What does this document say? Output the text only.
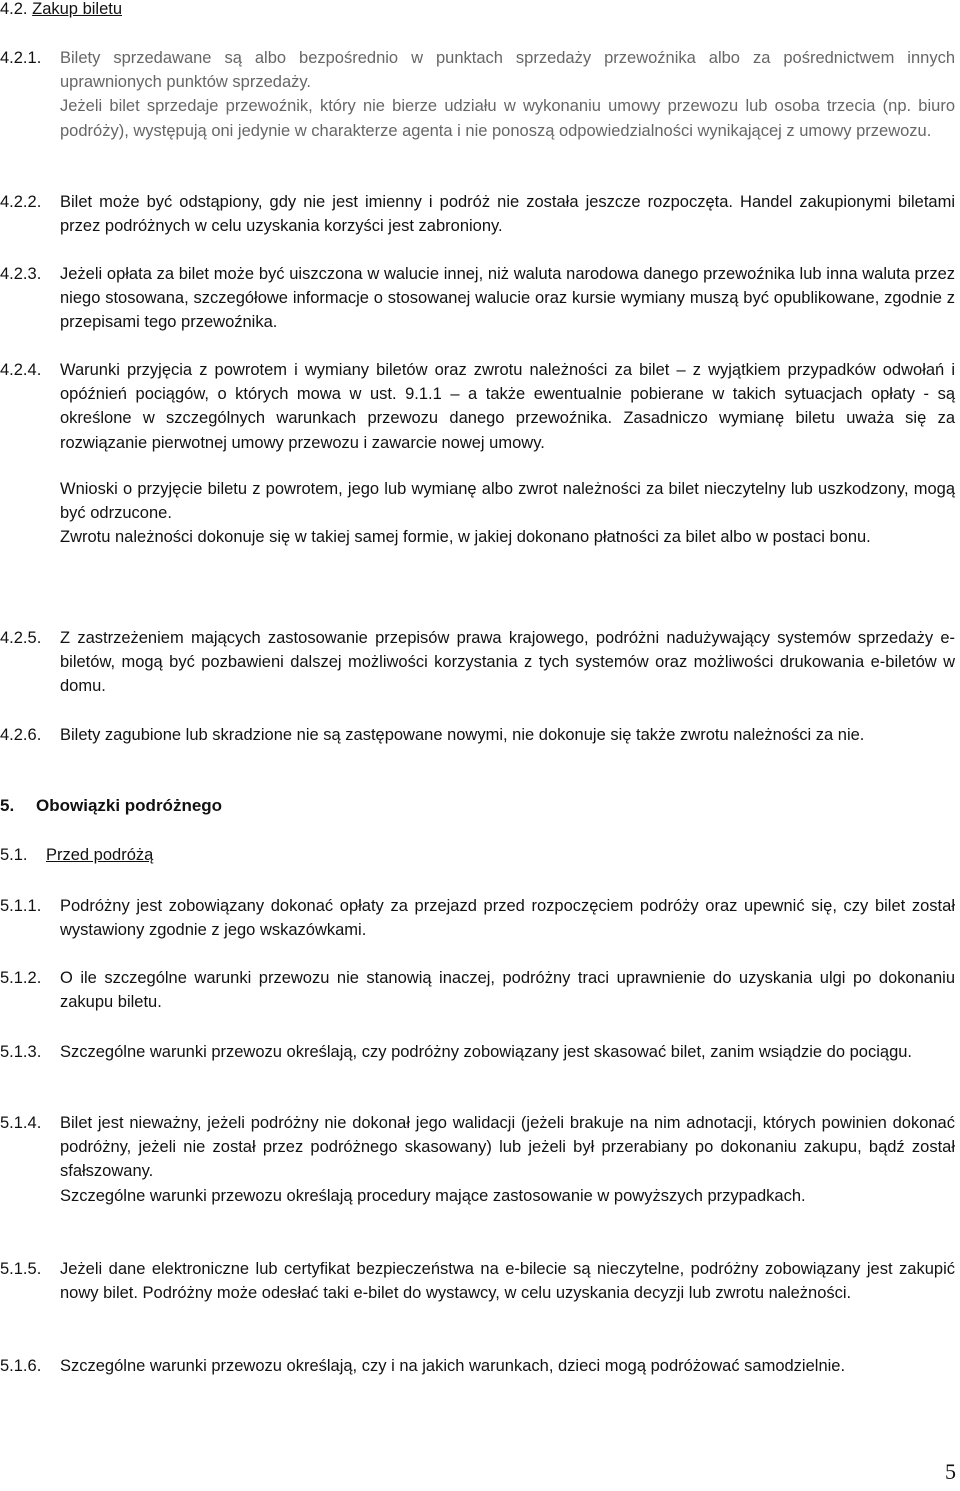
4.2. Zakup biletu
4.2.1. Bilety sprzedawane są albo bezpośrednio w punktach sprzedaży przewoźnika albo za pośrednictwem innych uprawnionych punktów sprzedaży.

Jeżeli bilet sprzedaje przewoźnik, który nie bierze udziału w wykonaniu umowy przewozu lub osoba trzecia (np. biuro podróży), występują oni jedynie w charakterze agenta i nie ponoszą odpowiedzialności wynikającej z umowy przewozu.

4.2.2. Bilet może być odstąpiony, gdy nie jest imienny i podróż nie została jeszcze rozpoczęta. Handel zakupionymi biletami przez podróżnych w celu uzyskania korzyści jest zabroniony.

4.2.3. Jeżeli opłata za bilet może być uiszczona w walucie innej, niż waluta narodowa danego przewoźnika lub inna waluta przez niego stosowana, szczegółowe informacje o stosowanej walucie oraz kursie wymiany muszą być opublikowane, zgodnie z przepisami tego przewoźnika.

4.2.4. Warunki przyjęcia z powrotem i wymiany biletów oraz zwrotu należności za bilet – z wyjątkiem przypadków odwołań i opóźnień pociągów, o których mowa w ust. 9.1.1 – a także ewentualnie pobierane w takich sytuacjach opłaty - są określone w szczególnych warunkach przewozu danego przewoźnika. Zasadniczo wymianę biletu uważa się za rozwiązanie pierwotnej umowy przewozu i zawarcie nowej umowy.

Wnioski o przyjęcie biletu z powrotem, jego lub wymianę albo zwrot należności za bilet nieczytelny lub uszkodzony, mogą być odrzucone.

Zwrotu należności dokonuje się w takiej samej formie, w jakiej dokonano płatności za bilet albo w postaci bonu.

4.2.5. Z zastrzeżeniem mających zastosowanie przepisów prawa krajowego, podróżni nadużywający systemów sprzedaży e-biletów, mogą być pozbawieni dalszej możliwości korzystania z tych systemów oraz możliwości drukowania e-biletów w domu.

4.2.6. Bilety zagubione lub skradzione nie są zastępowane nowymi, nie dokonuje się także zwrotu należności za nie.

5. Obowiązki podróżnego
5.1. Przed podróżą
5.1.1. Podróżny jest zobowiązany dokonać opłaty za przejazd przed rozpoczęciem podróży oraz upewnić się, czy bilet został wystawiony zgodnie z jego wskazówkami.

5.1.2. O ile szczególne warunki przewozu nie stanowią inaczej, podróżny traci uprawnienie do uzyskania ulgi po dokonaniu zakupu biletu.

5.1.3. Szczególne warunki przewozu określają, czy podróżny zobowiązany jest skasować bilet, zanim wsiądzie do pociągu.

5.1.4. Bilet jest nieważny, jeżeli podróżny nie dokonał jego walidacji (jeżeli brakuje na nim adnotacji, których powinien dokonać podróżny, jeżeli nie został przez podróżnego skasowany) lub jeżeli był przerabiany po dokonaniu zakupu, bądź został sfałszowany.

Szczególne warunki przewozu określają procedury mające zastosowanie w powyższych przypadkach.

5.1.5. Jeżeli dane elektroniczne lub certyfikat bezpieczeństwa na e-bilecie są nieczytelne, podróżny zobowiązany jest zakupić nowy bilet. Podróżny może odesłać taki e-bilet do wystawcy, w celu uzyskania decyzji lub zwrotu należności.

5.1.6. Szczególne warunki przewozu określają, czy i na jakich warunkach, dzieci mogą podróżować samodzielnie.

5
